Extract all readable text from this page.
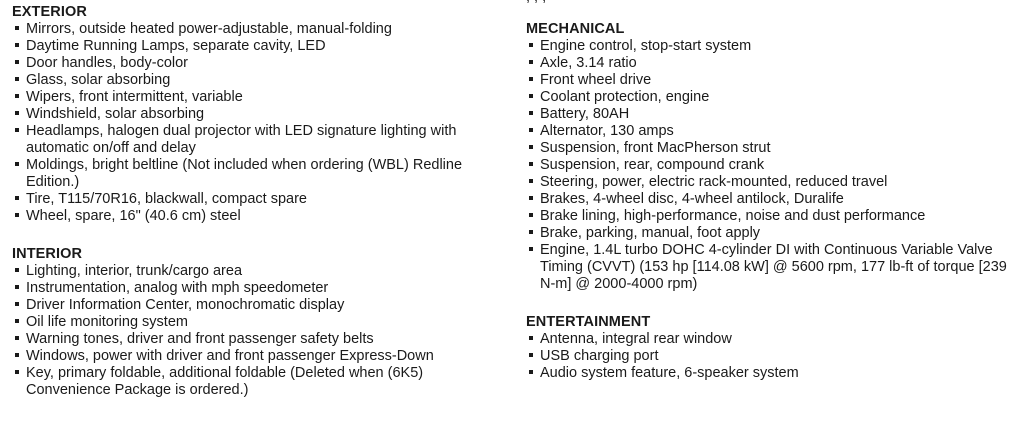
EXTERIOR
Mirrors, outside heated power-adjustable, manual-folding
Daytime Running Lamps, separate cavity, LED
Door handles, body-color
Glass, solar absorbing
Wipers, front intermittent, variable
Windshield, solar absorbing
Headlamps, halogen dual projector with LED signature lighting with automatic on/off and delay
Moldings, bright beltline (Not included when ordering (WBL) Redline Edition.)
Tire, T115/70R16, blackwall, compact spare
Wheel, spare, 16" (40.6 cm) steel
INTERIOR
Lighting, interior, trunk/cargo area
Instrumentation, analog with mph speedometer
Driver Information Center, monochromatic display
Oil life monitoring system
Warning tones, driver and front passenger safety belts
Windows, power with driver and front passenger Express-Down
Key, primary foldable, additional foldable (Deleted when (6K5) Convenience Package is ordered.)
MECHANICAL
Engine control, stop-start system
Axle, 3.14 ratio
Front wheel drive
Coolant protection, engine
Battery, 80AH
Alternator, 130 amps
Suspension, front MacPherson strut
Suspension, rear, compound crank
Steering, power, electric rack-mounted, reduced travel
Brakes, 4-wheel disc, 4-wheel antilock, Duralife
Brake lining, high-performance, noise and dust performance
Brake, parking, manual, foot apply
Engine, 1.4L turbo DOHC 4-cylinder DI with Continuous Variable Valve Timing (CVVT) (153 hp [114.08 kW] @ 5600 rpm, 177 lb-ft of torque [239 N-m] @ 2000-4000 rpm)
ENTERTAINMENT
Antenna, integral rear window
USB charging port
Audio system feature, 6-speaker system
